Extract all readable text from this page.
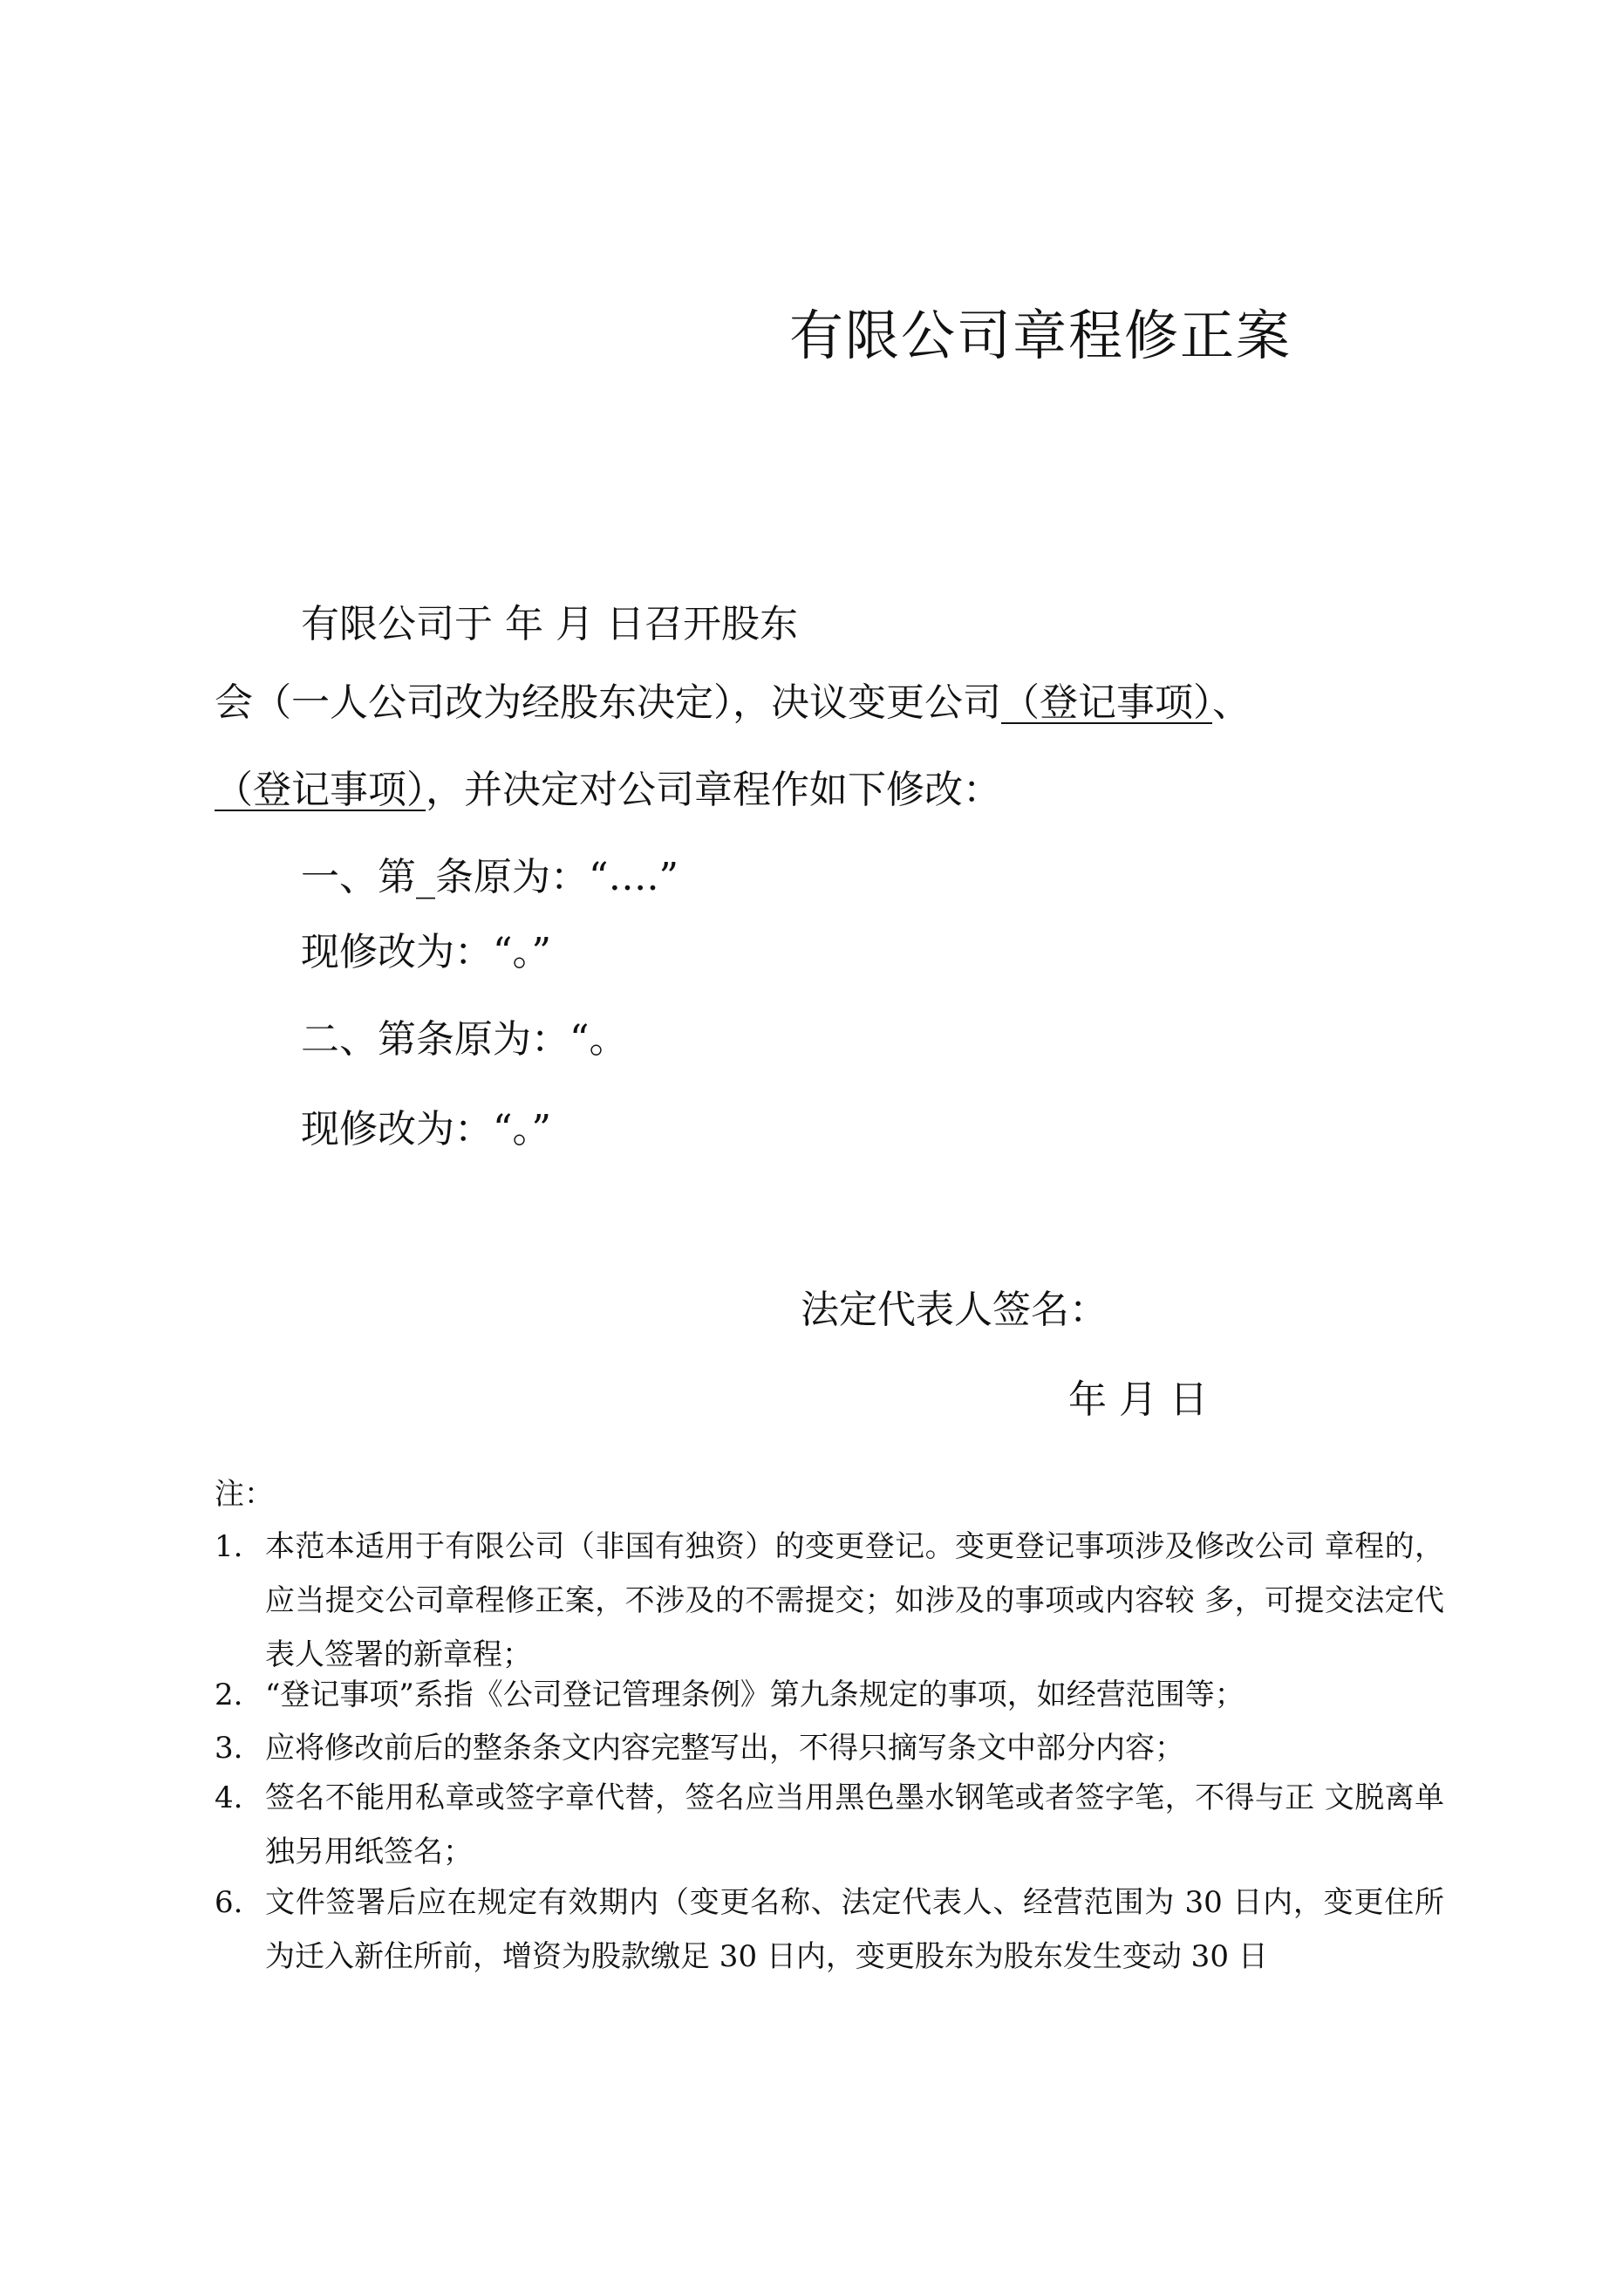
有限公司章程修正案
有限公司于 年 月 日召开股东
会（一人公司改为经股东决定），决议变更公司（登记事项）、
（登记事项），并决定对公司章程作如下修改：
一、第_条原为：“….”
现修改为：“。”
二、第条原为：“。
现修改为：“。”
法定代表人签名：
年 月 日
注：
1. 本范本适用于有限公司（非国有独资）的变更登记。变更登记事项涉及修改公司 章程的，应当提交公司章程修正案，不涉及的不需提交；如涉及的事项或内容较 多，可提交法定代表人签署的新章程；
2. “登记事项”系指《公司登记管理条例》第九条规定的事项，如经营范围等；
3. 应将修改前后的整条条文内容完整写出，不得只摘写条文中部分内容；
4. 签名不能用私章或签字章代替，签名应当用黑色墨水钢笔或者签字笔，不得与正 文脱离单独另用纸签名；
6. 文件签署后应在规定有效期内（变更名称、法定代表人、经营范围为 30 日内，变更住所为迁入新住所前，增资为股款缴足 30 日内，变更股东为股东发生变动 30 日
